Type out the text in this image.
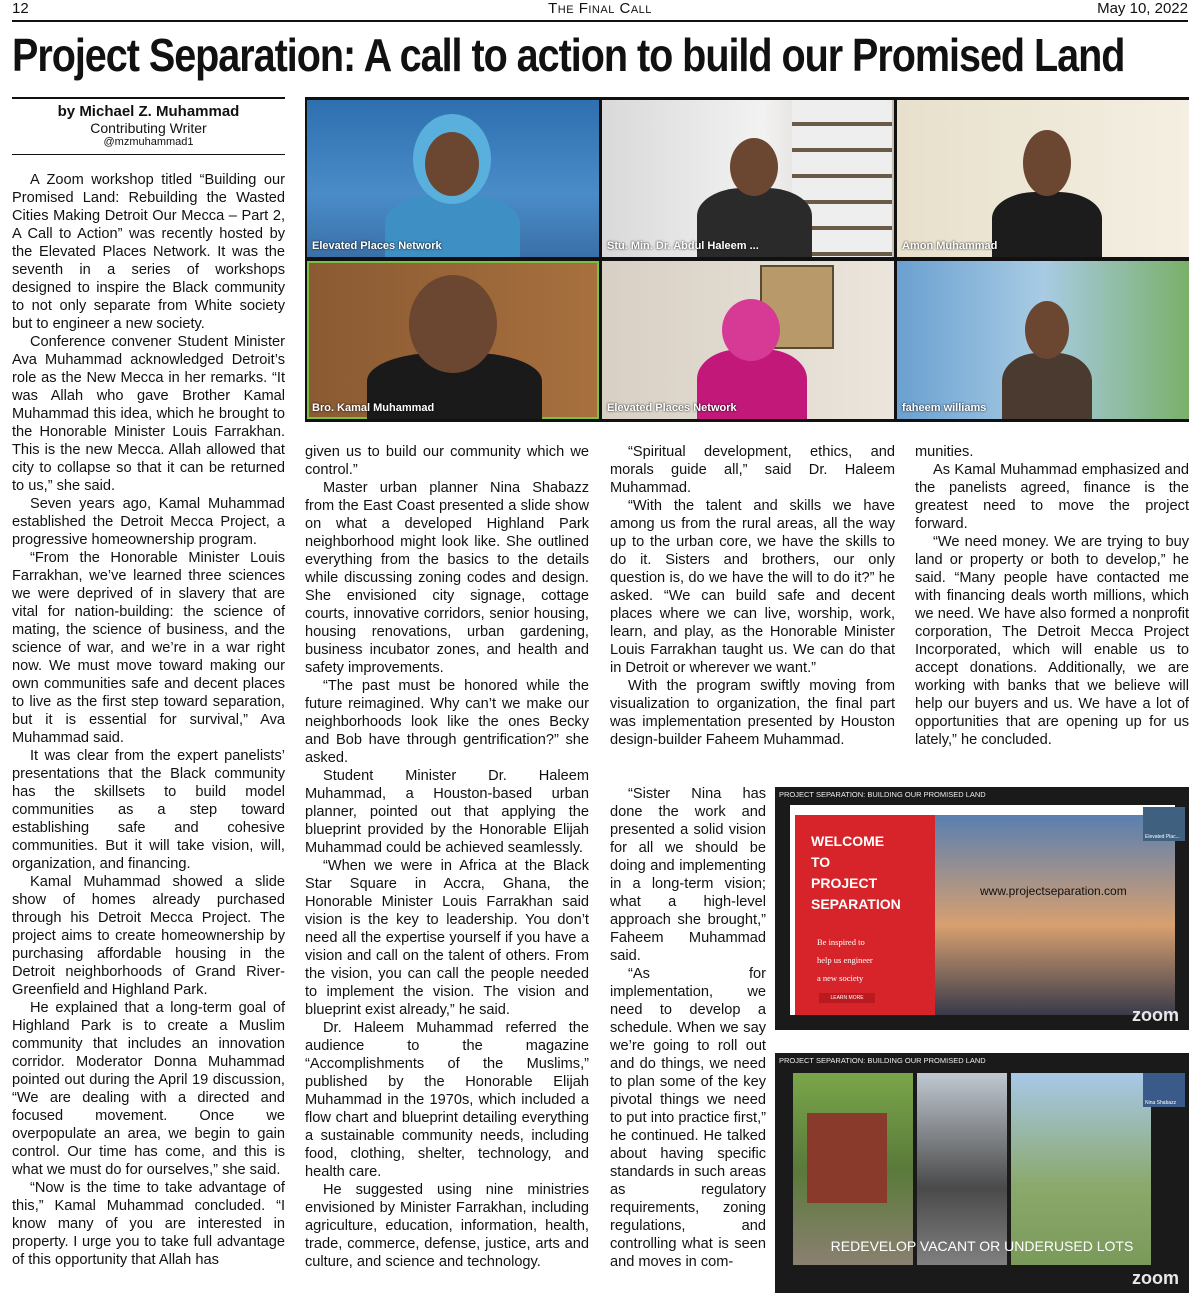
12	The Final Call	May 10, 2022
Project Separation: A call to action to build our Promised Land
by Michael Z. Muhammad
Contributing Writer
@mzmuhammad1
Elevated Places Network	Stu. Min. Dr. Abdul Haleem ...	Amon Muhammad
Bro. Kamal Muhammad	Elevated Places Network	faheem williams

A Zoom workshop titled “Building our Promised Land: Rebuilding the Wasted Cities Making Detroit Our Mecca – Part 2, A Call to Action” was recently hosted by the Elevated Places Network. It was the seventh in a series of workshops designed to inspire the Black community to not only separate from White society but to engineer a new society.

Conference convener Student Minister Ava Muhammad acknowledged Detroit’s role as the New Mecca in her remarks. “It was Allah who gave Brother Kamal Muhammad this idea, which he brought to the Honorable Minister Louis Farrakhan. This is the new Mecca. Allah allowed that city to collapse so that it can be returned to us,” she said.

Seven years ago, Kamal Muhammad established the Detroit Mecca Project, a progressive homeownership program.

“From the Honorable Minister Louis Farrakhan, we’ve learned three sciences we were deprived of in slavery that are vital for nation-building: the science of mating, the science of business, and the science of war, and we’re in a war right now. We must move toward making our own communities safe and decent places to live as the first step toward separation, but it is essential for survival,” Ava Muhammad said.

It was clear from the expert panelists’ presentations that the Black community has the skillsets to build model communities as a step toward establishing safe and cohesive communities. But it will take vision, will, organization, and financing.

Kamal Muhammad showed a slide show of homes already purchased through his Detroit Mecca Project. The project aims to create homeownership by purchasing affordable housing in the Detroit neighborhoods of Grand River-Greenfield and Highland Park.

He explained that a long-term goal of Highland Park is to create a Muslim community that includes an innovation corridor. Moderator Donna Muhammad pointed out during the April 19 discussion, “We are dealing with a directed and focused movement. Once we overpopulate an area, we begin to gain control. Our time has come, and this is what we must do for ourselves,” she said.

“Now is the time to take advantage of this,” Kamal Muhammad concluded. “I know many of you are interested in property. I urge you to take full advantage of this opportunity that Allah has

given us to build our community which we control.”

Master urban planner Nina Shabazz from the East Coast presented a slide show on what a developed Highland Park neighborhood might look like. She outlined everything from the basics to the details while discussing zoning codes and design. She envisioned city signage, cottage courts, innovative corridors, senior housing, housing renovations, urban gardening, business incubator zones, and health and safety improvements.

“The past must be honored while the future reimagined. Why can’t we make our neighborhoods look like the ones Becky and Bob have through gentrification?” she asked.

Student Minister Dr. Haleem Muhammad, a Houston-based urban planner, pointed out that applying the blueprint provided by the Honorable Elijah Muhammad could be achieved seamlessly.

“When we were in Africa at the Black Star Square in Accra, Ghana, the Honorable Minister Louis Farrakhan said vision is the key to leadership. You don’t need all the expertise yourself if you have a vision and call on the talent of others. From the vision, you can call the people needed to implement the vision. The vision and blueprint exist already,” he said.

Dr. Haleem Muhammad referred the audience to the magazine “Accomplishments of the Muslims,” published by the Honorable Elijah Muhammad in the 1970s, which included a flow chart and blueprint detailing everything a sustainable community needs, including food, clothing, shelter, technology, and health care.

He suggested using nine ministries envisioned by Minister Farrakhan, including agriculture, education, information, health, trade, commerce, defense, justice, arts and culture, and science and technology.

“Spiritual development, ethics, and morals guide all,” said Dr. Haleem Muhammad.

“With the talent and skills we have among us from the rural areas, all the way up to the urban core, we have the skills to do it. Sisters and brothers, our only question is, do we have the will to do it?” he asked. “We can build safe and decent places where we can live, worship, work, learn, and play, as the Honorable Minister Louis Farrakhan taught us. We can do that in Detroit or wherever we want.”

With the program swiftly moving from visualization to organization, the final part was implementation presented by Houston design-builder Faheem Muhammad.

“Sister Nina has done the work and presented a solid vision for all we should be doing and implementing in a long-term vision; what a high-level approach she brought,” Faheem Muhammad said.

“As for implementation, we need to develop a schedule. When we say we’re going to roll out and do things, we need to plan some of the key pivotal things we need to put into practice first,” he continued. He talked about having specific standards in such areas as regulatory requirements, zoning regulations, and controlling what is seen and moves in com-

munities.

As Kamal Muhammad emphasized and the panelists agreed, finance is the greatest need to move the project forward.

“We need money. We are trying to buy land or property or both to develop,” he said. “Many people have contacted me with financing deals worth millions, which we need. We have also formed a nonprofit corporation, The Detroit Mecca Project Incorporated, which will enable us to accept donations. Additionally, we are working with banks that we believe will help our buyers and us. We have a lot of opportunities that are opening up for us lately,” he concluded.

PROJECT SEPARATION: BUILDING OUR PROMISED LAND
WELCOME
TO
PROJECT
SEPARATION
Be inspired to
help us engineer
a new society
LEARN MORE
www.projectseparation.com
Elevated Plac...
zoom
PROJECT SEPARATION: BUILDING OUR PROMISED LAND
REDEVELOP VACANT OR UNDERUSED LOTS
Nina Shabazz
zoom
